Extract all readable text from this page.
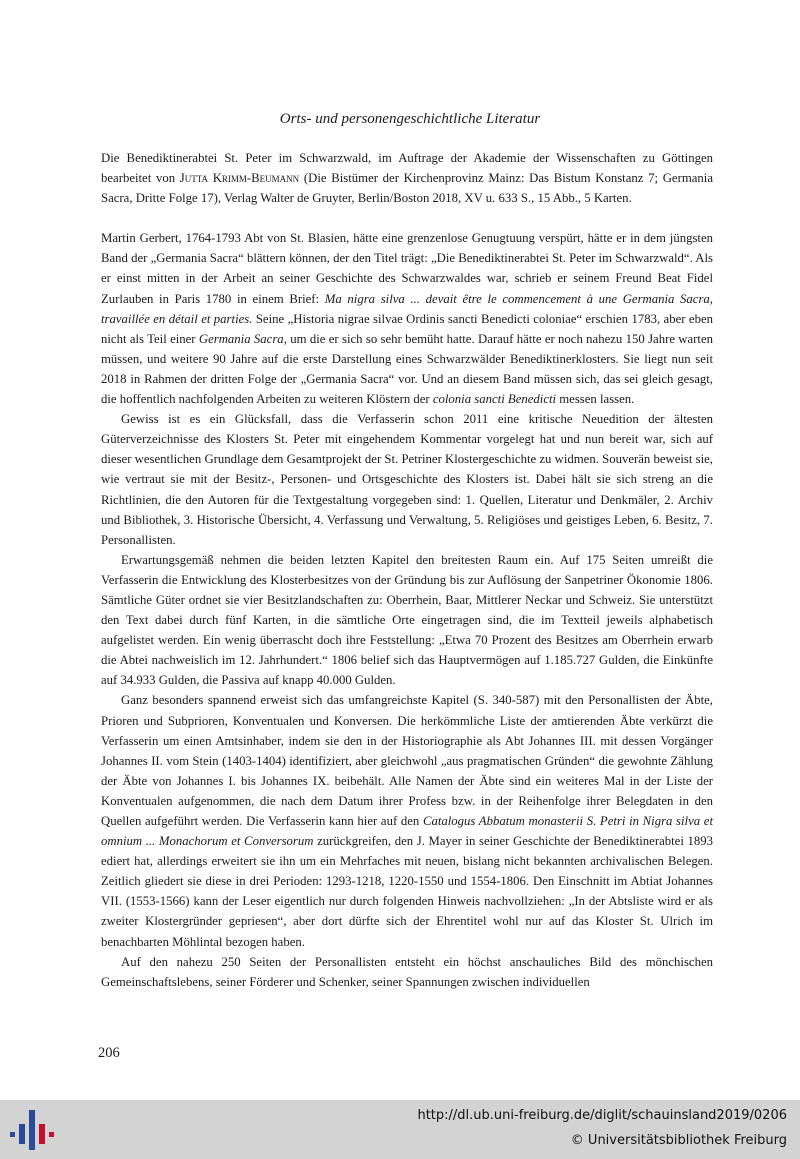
Orts- und personengeschichtliche Literatur

Die Benediktinerabtei St. Peter im Schwarzwald, im Auftrage der Akademie der Wissenschaften zu Göttingen bearbeitet von Jutta Krimm-Beumann (Die Bistümer der Kirchenprovinz Mainz: Das Bistum Konstanz 7; Germania Sacra, Dritte Folge 17), Verlag Walter de Gruyter, Berlin/Boston 2018, XV u. 633 S., 15 Abb., 5 Karten.

Martin Gerbert, 1764-1793 Abt von St. Blasien, hätte eine grenzenlose Genugtuung verspürt, hätte er in dem jüngsten Band der „Germania Sacra“ blättern können, der den Titel trägt: „Die Benediktinerabtei St. Peter im Schwarzwald“. Als er einst mitten in der Arbeit an seiner Geschichte des Schwarzwaldes war, schrieb er seinem Freund Beat Fidel Zurlauben in Paris 1780 in einem Brief: Ma nigra silva ... devait être le commencement à une Germania Sacra, travaillée en détail et parties. Seine „Historia nigrae silvae Ordinis sancti Benedicti coloniae“ erschien 1783, aber eben nicht als Teil einer Germania Sacra, um die er sich so sehr bemüht hatte. Darauf hätte er noch nahezu 150 Jahre warten müssen, und weitere 90 Jahre auf die erste Darstellung eines Schwarzwälder Benediktinerklosters. Sie liegt nun seit 2018 in Rahmen der dritten Folge der „Germania Sacra“ vor. Und an diesem Band müssen sich, das sei gleich gesagt, die hoffentlich nachfolgenden Arbeiten zu weiteren Klöstern der colonia sancti Benedicti messen lassen.

Gewiss ist es ein Glücksfall, dass die Verfasserin schon 2011 eine kritische Neuedition der ältesten Güterverzeichnisse des Klosters St. Peter mit eingehendem Kommentar vorgelegt hat und nun bereit war, sich auf dieser wesentlichen Grundlage dem Gesamtprojekt der St. Petriner Klostergeschichte zu widmen. Souverän beweist sie, wie vertraut sie mit der Besitz-, Personen- und Ortsgeschichte des Klosters ist. Dabei hält sie sich streng an die Richtlinien, die den Autoren für die Textgestaltung vorgegeben sind: 1. Quellen, Literatur und Denkmäler, 2. Archiv und Bibliothek, 3. Historische Übersicht, 4. Verfassung und Verwaltung, 5. Religiöses und geistiges Leben, 6. Besitz, 7. Personallisten.

Erwartungsgemäß nehmen die beiden letzten Kapitel den breitesten Raum ein. Auf 175 Seiten umreißt die Verfasserin die Entwicklung des Klosterbesitzes von der Gründung bis zur Auflösung der Sanpetriner Ökonomie 1806. Sämtliche Güter ordnet sie vier Besitzlandschaften zu: Oberrhein, Baar, Mittlerer Neckar und Schweiz. Sie unterstützt den Text dabei durch fünf Karten, in die sämtliche Orte eingetragen sind, die im Textteil jeweils alphabetisch aufgelistet werden. Ein wenig überrascht doch ihre Feststellung: „Etwa 70 Prozent des Besitzes am Oberrhein erwarb die Abtei nachweislich im 12. Jahrhundert.“ 1806 belief sich das Hauptvermögen auf 1.185.727 Gulden, die Einkünfte auf 34.933 Gulden, die Passiva auf knapp 40.000 Gulden.

Ganz besonders spannend erweist sich das umfangreichste Kapitel (S. 340-587) mit den Personallisten der Äbte, Prioren und Subprioren, Konventualen und Konversen. Die herkömmliche Liste der amtierenden Äbte verkürzt die Verfasserin um einen Amtsinhaber, indem sie den in der Historiographie als Abt Johannes III. mit dessen Vorgänger Johannes II. vom Stein (1403-1404) identifiziert, aber gleichwohl „aus pragmatischen Gründen“ die gewohnte Zählung der Äbte von Johannes I. bis Johannes IX. beibehält. Alle Namen der Äbte sind ein weiteres Mal in der Liste der Konventualen aufgenommen, die nach dem Datum ihrer Profess bzw. in der Reihenfolge ihrer Belegdaten in den Quellen aufgeführt werden. Die Verfasserin kann hier auf den Catalogus Abbatum monasterii S. Petri in Nigra silva et omnium ... Monachorum et Conversorum zurückgreifen, den J. Mayer in seiner Geschichte der Benediktinerabtei 1893 ediert hat, allerdings erweitert sie ihn um ein Mehrfaches mit neuen, bislang nicht bekannten archivalischen Belegen. Zeitlich gliedert sie diese in drei Perioden: 1293-1218, 1220-1550 und 1554-1806. Den Einschnitt im Abtiat Johannes VII. (1553-1566) kann der Leser eigentlich nur durch folgenden Hinweis nachvollziehen: „In der Abtsliste wird er als zweiter Klostergründer gepriesen“, aber dort dürfte sich der Ehrentitel wohl nur auf das Kloster St. Ulrich im benachbarten Möhlintal bezogen haben.

Auf den nahezu 250 Seiten der Personallisten entsteht ein höchst anschauliches Bild des mönchischen Gemeinschaftslebens, seiner Förderer und Schenker, seiner Spannungen zwischen individuellen

206
http://dl.ub.uni-freiburg.de/diglit/schauinsland2019/0206
© Universitätsbibliothek Freiburg
